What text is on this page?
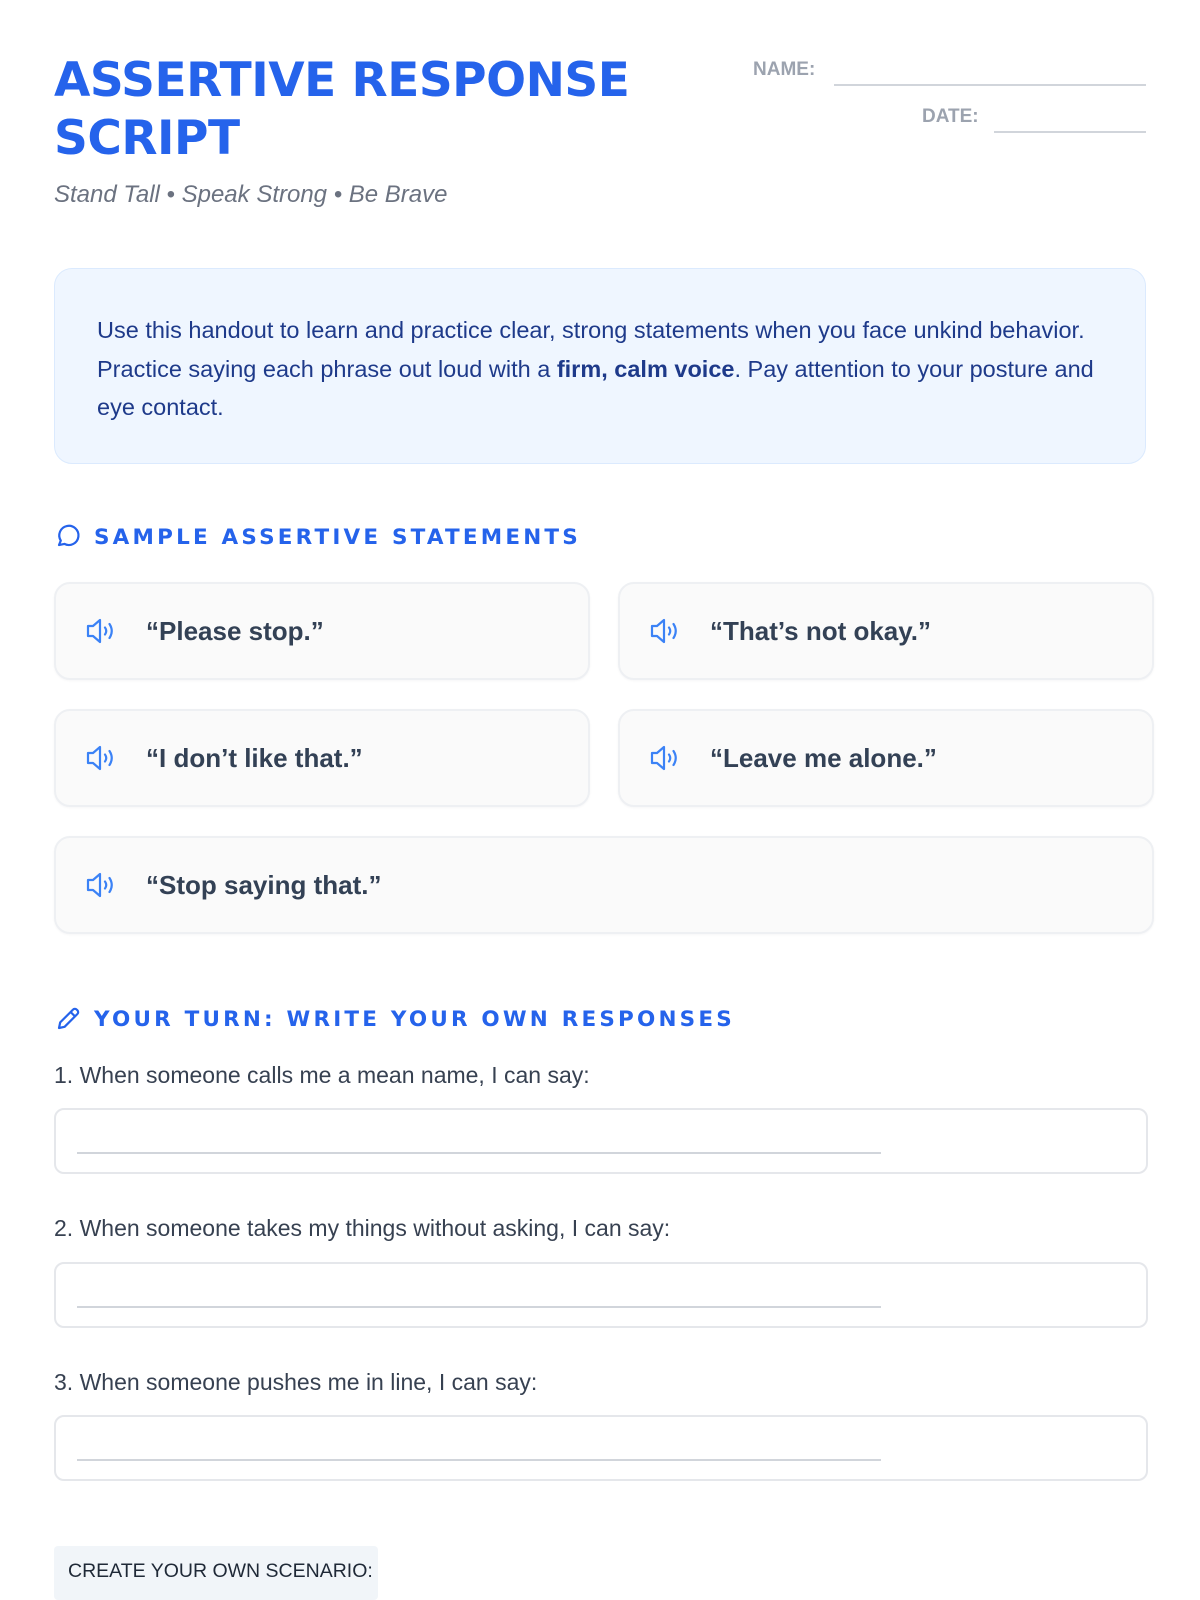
ASSERTIVE RESPONSE SCRIPT
Stand Tall • Speak Strong • Be Brave
NAME:
DATE:
Use this handout to learn and practice clear, strong statements when you face unkind behavior. Practice saying each phrase out loud with a firm, calm voice. Pay attention to your posture and eye contact.
SAMPLE ASSERTIVE STATEMENTS
“Please stop.”	“That’s not okay.”
“I don’t like that.”	“Leave me alone.”
“Stop saying that.”
YOUR TURN: WRITE YOUR OWN RESPONSES
1. When someone calls me a mean name, I can say:
2. When someone takes my things without asking, I can say:
3. When someone pushes me in line, I can say:
CREATE YOUR OWN SCENARIO:
